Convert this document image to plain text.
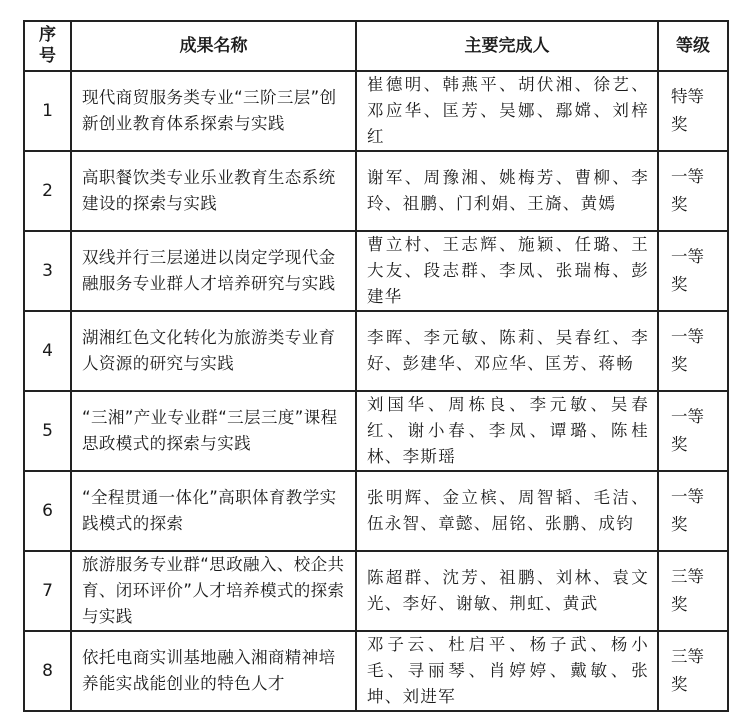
序号	成果名称	主要完成人	等级
1	现代商贸服务类专业“三阶三层”创新创业教育体系探索与实践	崔德明、韩燕平、胡伏湘、徐艺、邓应华、匡芳、吴娜、鄢嫦、刘梓红	特等奖
2	高职餐饮类专业乐业教育生态系统建设的探索与实践	谢军、周豫湘、姚梅芳、曹柳、李玲、祖鹏、门利娟、王旖、黄嫣	一等奖
3	双线并行三层递进以岗定学现代金融服务专业群人才培养研究与实践	曹立村、王志辉、施颖、任璐、王大友、段志群、李凤、张瑞梅、彭建华	一等奖
4	湖湘红色文化转化为旅游类专业育人资源的研究与实践	李晖、李元敏、陈莉、吴春红、李好、彭建华、邓应华、匡芳、蒋畅	一等奖
5	“三湘”产业专业群“三层三度”课程思政模式的探索与实践	刘国华、周栋良、李元敏、吴春红、谢小春、李凤、谭璐、陈桂林、李斯瑶	一等奖
6	“全程贯通一体化”高职体育教学实践模式的探索	张明辉、金立槟、周智韬、毛洁、伍永智、章懿、屈铭、张鹏、成钧	一等奖
7	旅游服务专业群“思政融入、校企共育、闭环评价”人才培养模式的探索与实践	陈超群、沈芳、祖鹏、刘林、袁文光、李好、谢敏、荆虹、黄武	三等奖
8	依托电商实训基地融入湘商精神培养能实战能创业的特色人才	邓子云、杜启平、杨子武、杨小毛、寻丽琴、肖婷婷、戴敏、张坤、刘进军	三等奖
